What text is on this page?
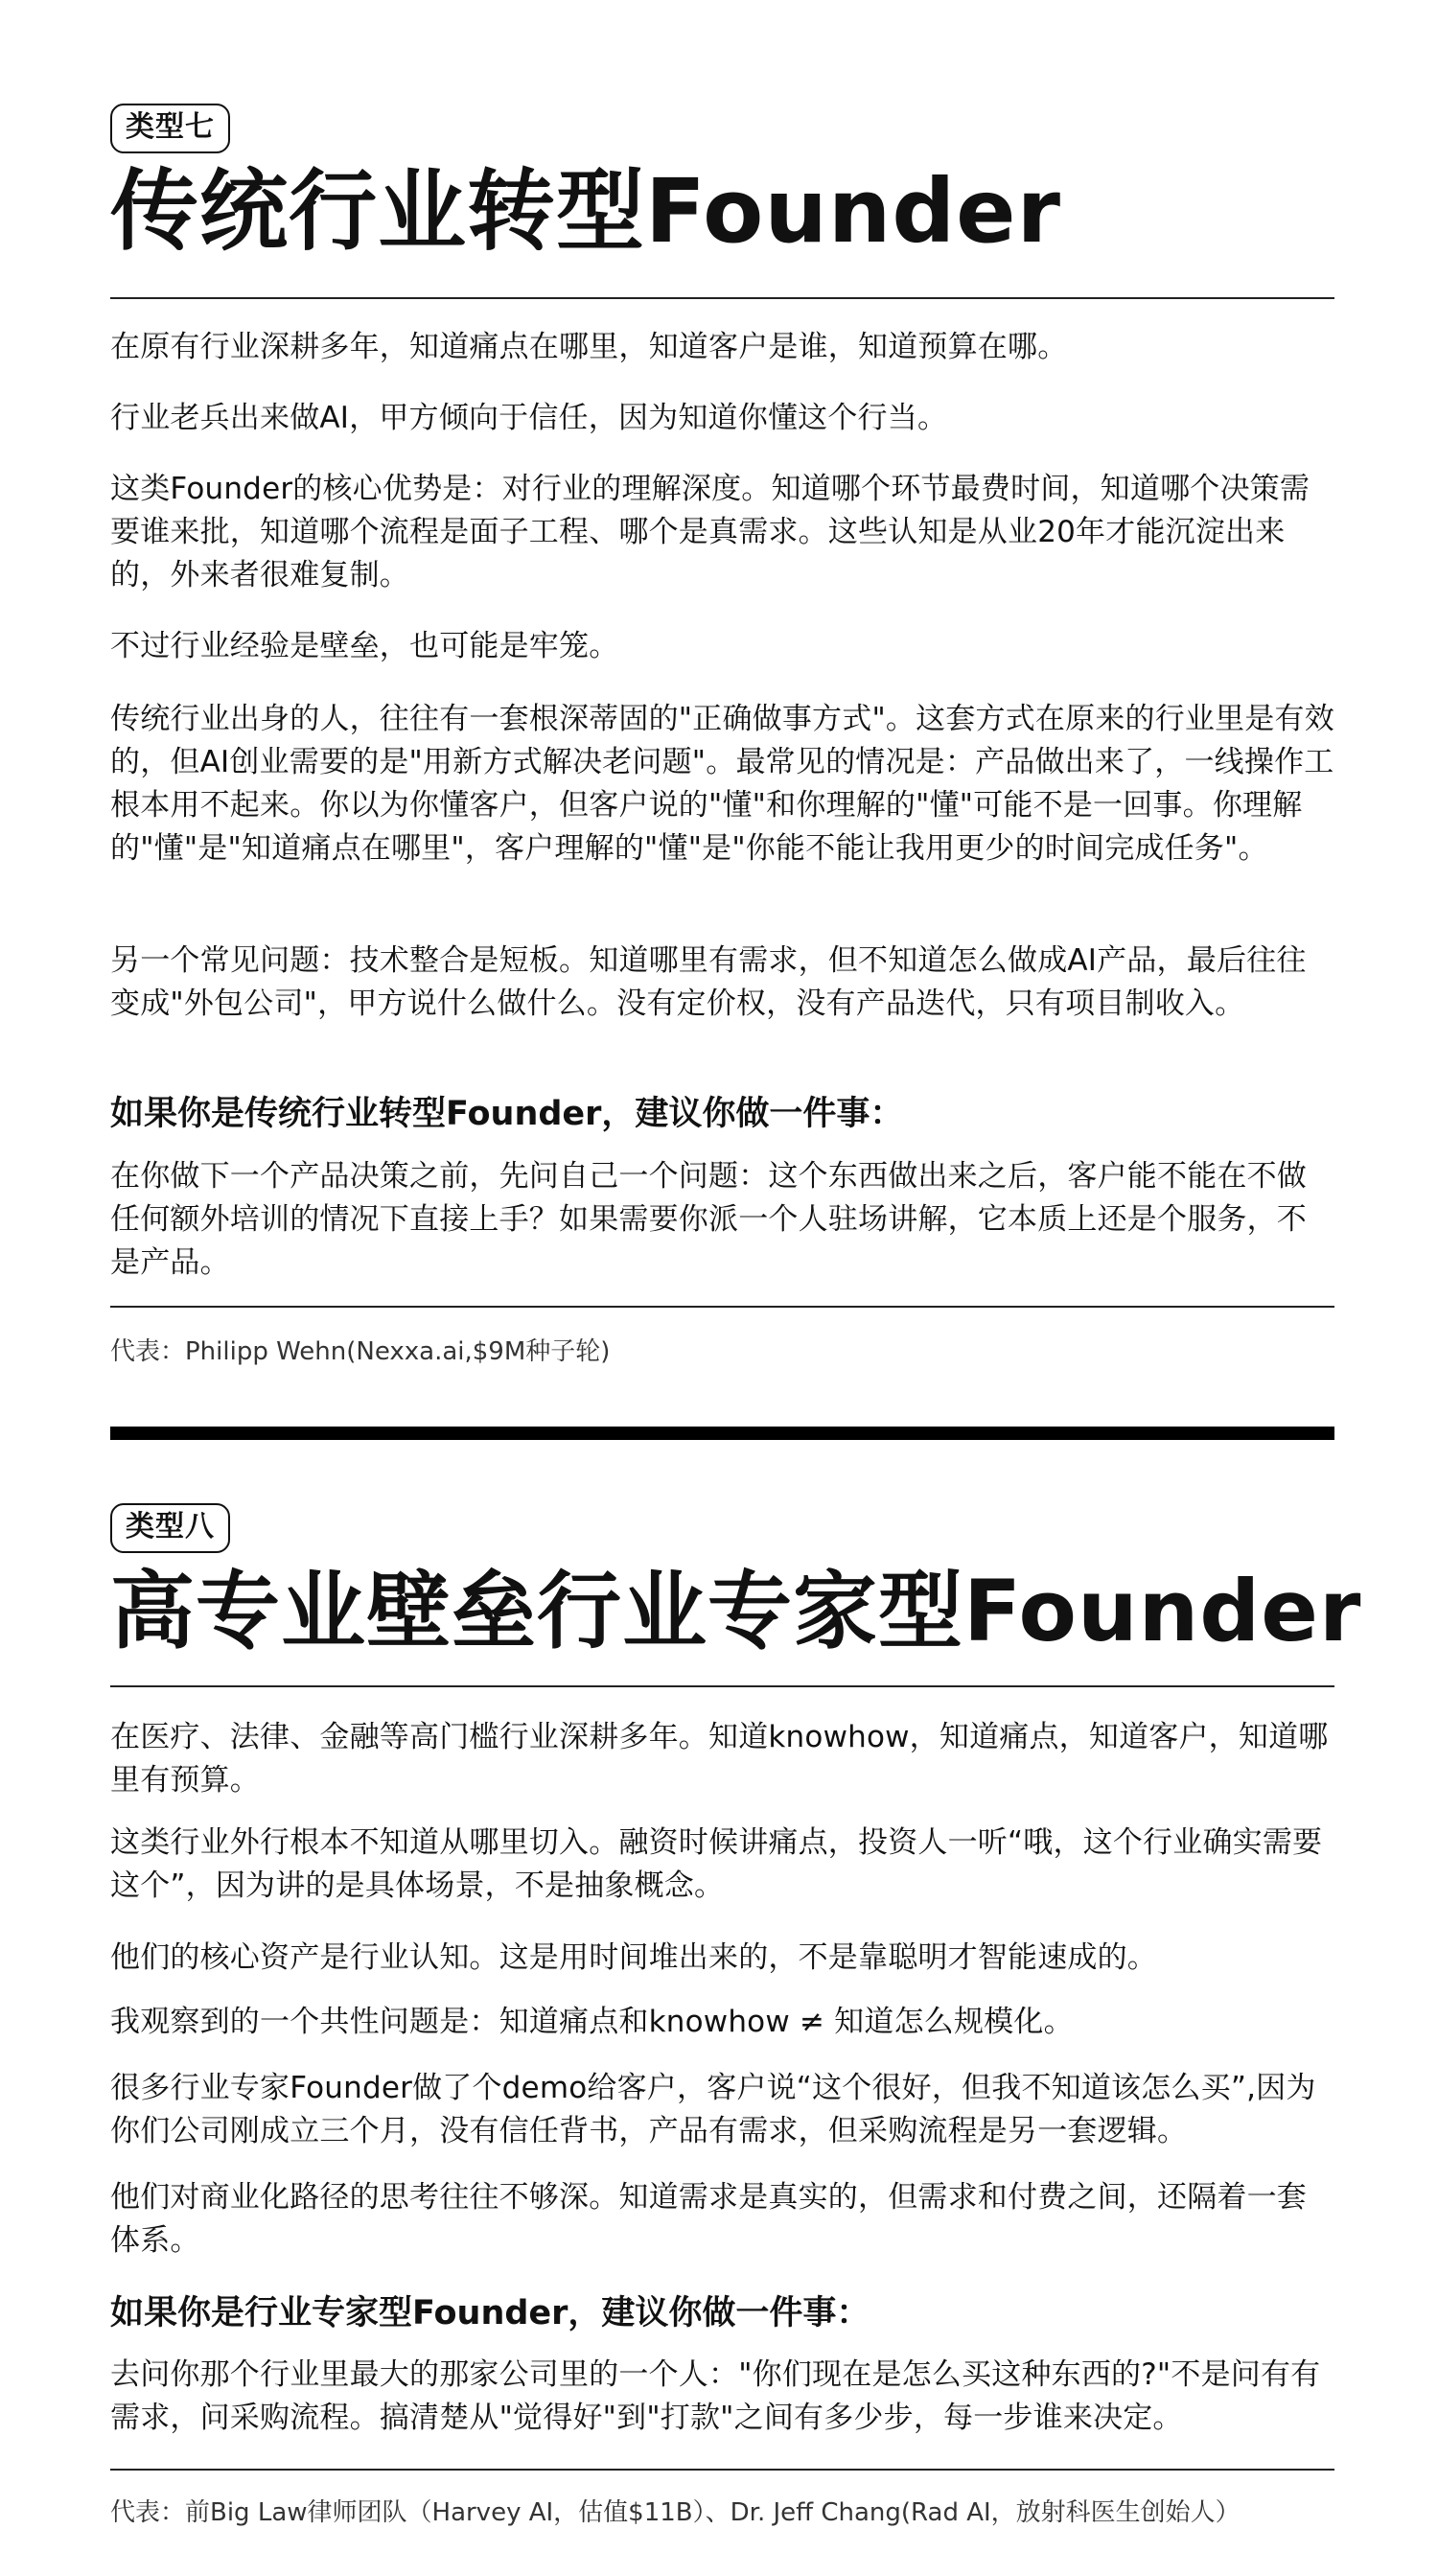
类型七
传统行业转型Founder

在原有行业深耕多年，知道痛点在哪里，知道客户是谁，知道预算在哪。

行业老兵出来做AI，甲方倾向于信任，因为知道你懂这个行当。

这类Founder的核心优势是：对行业的理解深度。知道哪个环节最费时间，知道哪个决策需要谁来批，知道哪个流程是面子工程、哪个是真需求。这些认知是从业20年才能沉淀出来的，外来者很难复制。

不过行业经验是壁垒，也可能是牢笼。

传统行业出身的人，往往有一套根深蒂固的"正确做事方式"。这套方式在原来的行业里是有效的，但AI创业需要的是"用新方式解决老问题"。最常见的情况是：产品做出来了，一线操作工根本用不起来。你以为你懂客户，但客户说的"懂"和你理解的"懂"可能不是一回事。你理解的"懂"是"知道痛点在哪里"，客户理解的"懂"是"你能不能让我用更少的时间完成任务"。

另一个常见问题：技术整合是短板。知道哪里有需求，但不知道怎么做成AI产品，最后往往变成"外包公司"，甲方说什么做什么。没有定价权，没有产品迭代，只有项目制收入。

如果你是传统行业转型Founder，建议你做一件事：

在你做下一个产品决策之前，先问自己一个问题：这个东西做出来之后，客户能不能在不做任何额外培训的情况下直接上手？如果需要你派一个人驻场讲解，它本质上还是个服务，不是产品。

代表：Philipp Wehn(Nexxa.ai,$9M种子轮)
类型八
高专业壁垒行业专家型Founder

在医疗、法律、金融等高门槛行业深耕多年。知道knowhow，知道痛点，知道客户，知道哪里有预算。

这类行业外行根本不知道从哪里切入。融资时候讲痛点，投资人一听“哦，这个行业确实需要这个”，因为讲的是具体场景，不是抽象概念。

他们的核心资产是行业认知。这是用时间堆出来的，不是靠聪明才智能速成的。

我观察到的一个共性问题是：知道痛点和knowhow ≠ 知道怎么规模化。

很多行业专家Founder做了个demo给客户，客户说“这个很好，但我不知道该怎么买”,因为你们公司刚成立三个月，没有信任背书，产品有需求，但采购流程是另一套逻辑。

他们对商业化路径的思考往往不够深。知道需求是真实的，但需求和付费之间，还隔着一套体系。

如果你是行业专家型Founder，建议你做一件事：

去问你那个行业里最大的那家公司里的一个人："你们现在是怎么买这种东西的?"不是问有有需求，问采购流程。搞清楚从"觉得好"到"打款"之间有多少步，每一步谁来决定。

代表：前Big Law律师团队（Harvey AI，估值$11B）、Dr. Jeff Chang(Rad AI，放射科医生创始人）
